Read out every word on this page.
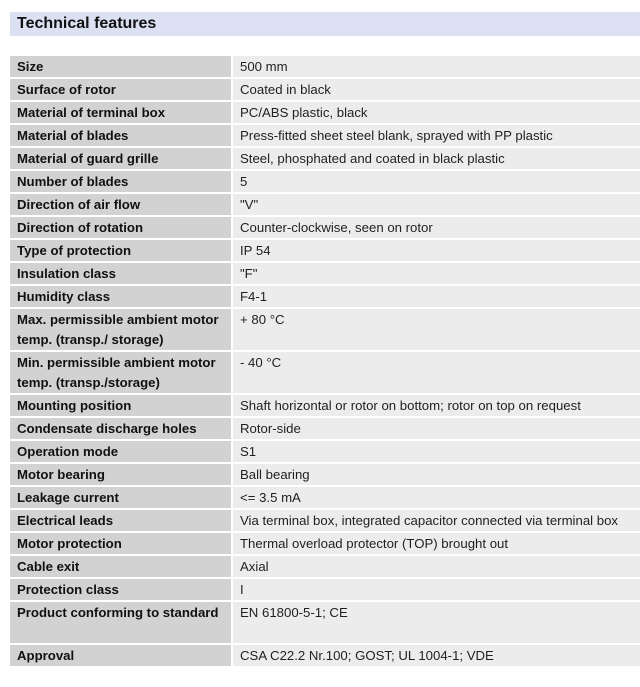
Technical features
Size	500 mm
Surface of rotor	Coated in black
Material of terminal box	PC/ABS plastic, black
Material of blades	Press-fitted sheet steel blank, sprayed with PP plastic
Material of guard grille	Steel, phosphated and coated in black plastic
Number of blades	5
Direction of air flow	"V"
Direction of rotation	Counter-clockwise, seen on rotor
Type of protection	IP 54
Insulation class	"F"
Humidity class	F4-1
Max. permissible ambient motor temp. (transp./ storage)	+ 80 °C
Min. permissible ambient motor temp. (transp./storage)	- 40 °C
Mounting position	Shaft horizontal or rotor on bottom; rotor on top on request
Condensate discharge holes	Rotor-side
Operation mode	S1
Motor bearing	Ball bearing
Leakage current	<= 3.5 mA
Electrical leads	Via terminal box, integrated capacitor connected via terminal box
Motor protection	Thermal overload protector (TOP) brought out
Cable exit	Axial
Protection class	I
Product conforming to standard	EN 61800-5-1; CE
Approval	CSA C22.2 Nr.100; GOST; UL 1004-1; VDE
